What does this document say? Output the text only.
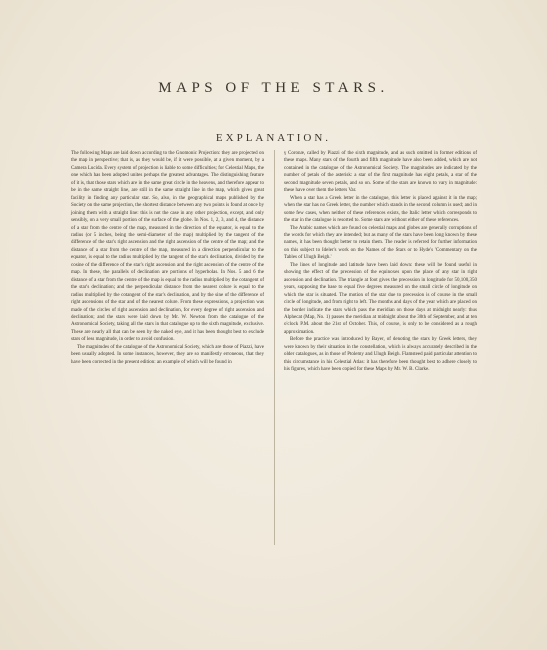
MAPS OF THE STARS.
EXPLANATION.

The following Maps are laid down according to the Gnomonic Projection: they are projected on the map in perspective; that is, as they would be, if it were possible, at a given moment, by a Camera Lucida. Every system of projection is liable to some difficulties; for Celestial Maps, the one which has been adopted unites perhaps the greatest advantages. The distinguishing feature of it is, that those stars which are in the same great circle in the heavens, and therefore appear to be in the same straight line, are still in the same straight line in the map, which gives great facility in finding any particular star. So, also, in the geographical maps published by the Society on the same projection, the shortest distance between any two points is found at once by joining them with a straight line: this is not the case in any other projection, except, and only sensibly, on a very small portion of the surface of the globe. In Nos. 1, 2, 3, and 4, the distance of a star from the centre of the map, measured in the direction of the equator, is equal to the radius (or 5 inches, being the semi-diameter of the map) multiplied by the tangent of the difference of the star's right ascension and the right ascension of the centre of the map; and the distance of a star from the centre of the map, measured in a direction perpendicular to the equator, is equal to the radius multiplied by the tangent of the star's declination, divided by the cosine of the difference of the star's right ascension and the right ascension of the centre of the map. In these, the parallels of declination are portions of hyperbolas. In Nos. 5 and 6 the distance of a star from the centre of the map is equal to the radius multiplied by the cotangent of the star's declination; and the perpendicular distance from the nearest colure is equal to the radius multiplied by the cotangent of the star's declination, and by the sine of the difference of right ascensions of the star and of the nearest colure. From these expressions, a projection was made of the circles of right ascension and declination, for every degree of right ascension and declination; and the stars were laid down by Mr. W. Newton from the catalogue of the Astronomical Society, taking all the stars in that catalogue up to the sixth magnitude, exclusive. These are nearly all that can be seen by the naked eye, and it has been thought best to exclude stars of less magnitude, in order to avoid confusion.

The magnitudes of the catalogue of the Astronomical Society, which are those of Piazzi, have been usually adopted. In some instances, however, they are so manifestly erroneous, that they have been corrected in the present edition: an example of which will be found in

γ Coronæ, called by Piazzi of the sixth magnitude, and as such omitted in former editions of these maps. Many stars of the fourth and fifth magnitude have also been added, which are not contained in the catalogue of the Astronomical Society. The magnitudes are indicated by the number of petals of the asterisk: a star of the first magnitude has eight petals, a star of the second magnitude seven petals, and so on. Some of the stars are known to vary in magnitude: these have over them the letters Var.

When a star has a Greek letter in the catalogue, this letter is placed against it in the map; when the star has no Greek letter, the number which stands in the second column is used; and in some few cases, when neither of these references exists, the Italic letter which corresponds to the star in the catalogue is resorted to. Some stars are without either of these references.

The Arabic names which are found on celestial maps and globes are generally corruptions of the words for which they are intended; but as many of the stars have been long known by these names, it has been thought better to retain them. The reader is referred for further information on this subject to Ideler's work on the Names of the Stars or to Hyde's 'Commentary on the Tables of Ulugh Beigh.'

The lines of longitude and latitude have been laid down: these will be found useful in showing the effect of the precession of the equinoxes upon the place of any star in right ascension and declination. The triangle at foot gives the precession in longitude for 50,100,350 years, supposing the base to equal five degrees measured on the small circle of longitude on which the star is situated. The motion of the star due to precession is of course in the small circle of longitude, and from right to left. The months and days of the year which are placed on the border indicate the stars which pass the meridian on those days at midnight nearly: thus Alphecat (Map, No. 1) passes the meridian at midnight about the 30th of September, and at ten o'clock P.M. about the 21st of October. This, of course, is only to be considered as a rough approximation.

Before the practice was introduced by Bayer, of denoting the stars by Greek letters, they were known by their situation in the constellation, which is always accurately described in the older catalogues, as in those of Ptolemy and Ulugh Beigh. Flamsteed paid particular attention to this circumstance in his Celestial Atlas: it has therefore been thought best to adhere closely to his figures, which have been copied for these Maps by Mr. W. B. Clarke.
